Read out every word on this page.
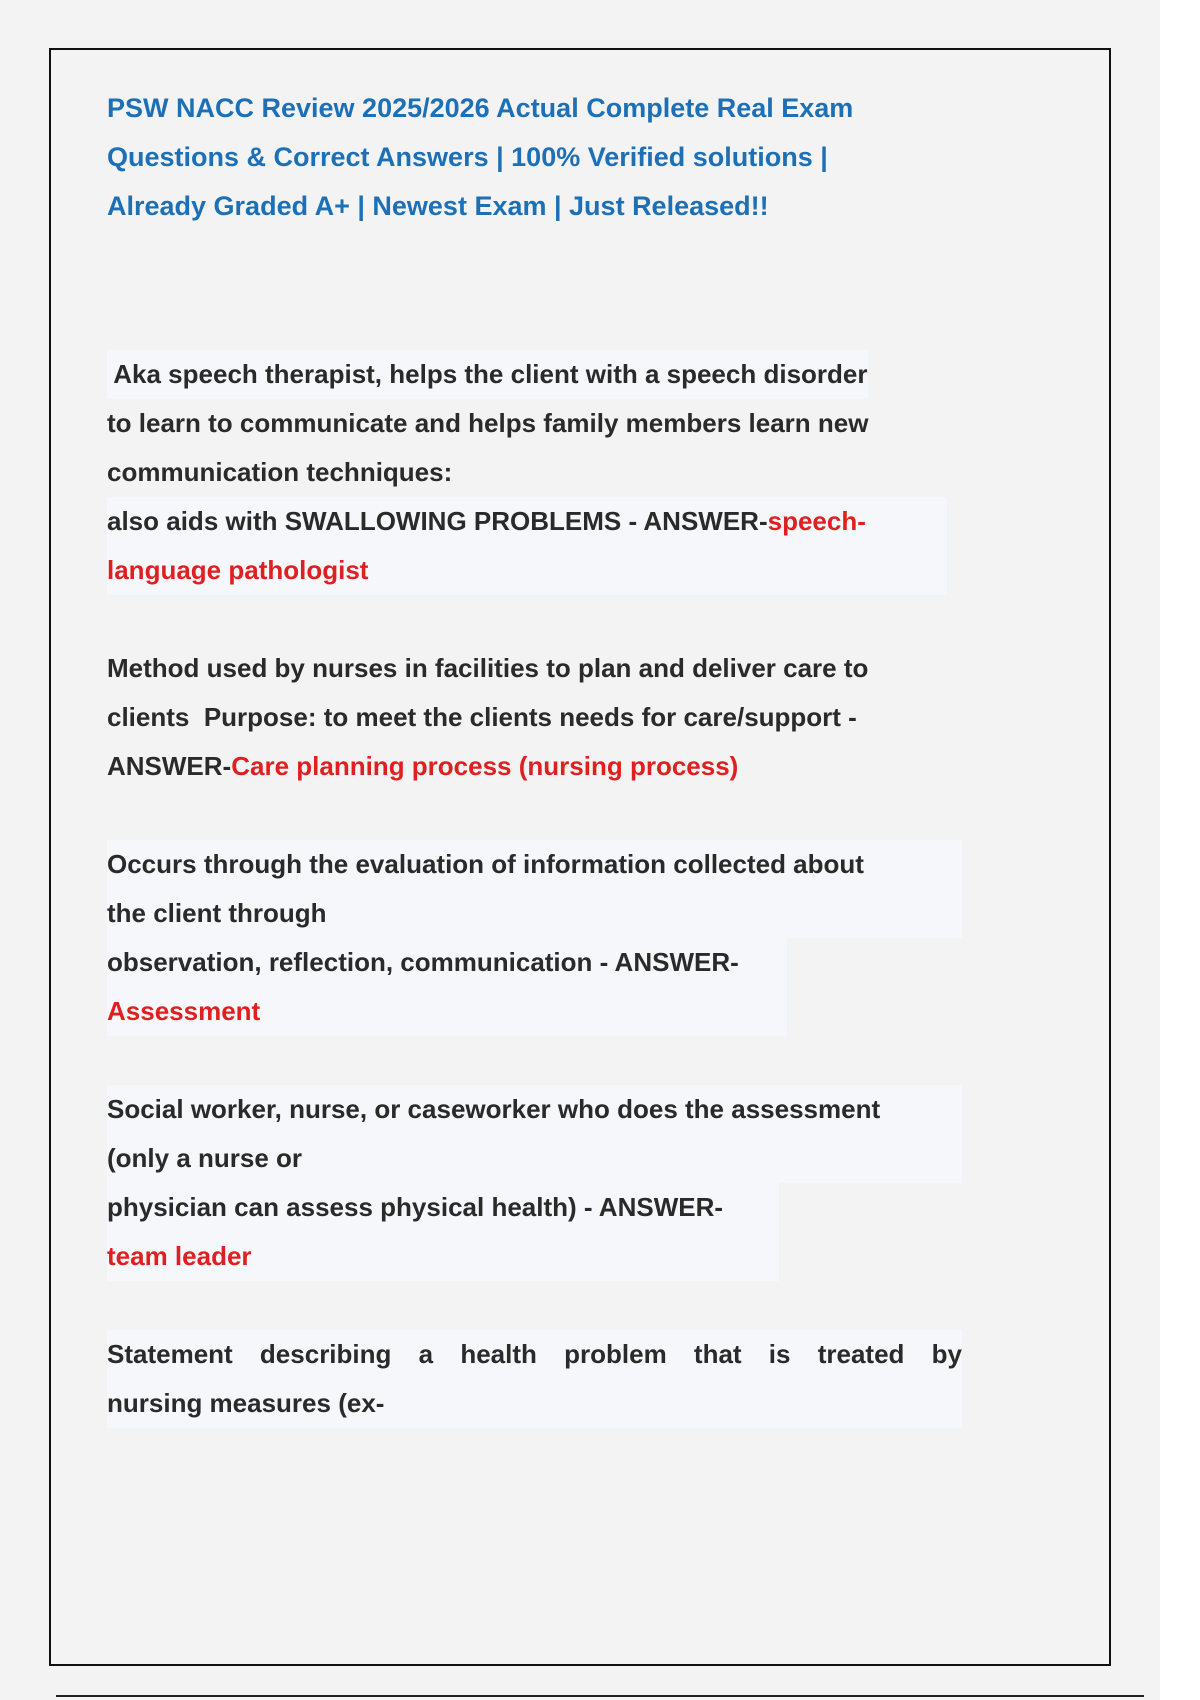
PSW NACC Review 2025/2026 Actual Complete Real Exam
Questions & Correct Answers | 100% Verified solutions |
Already Graded A+ | Newest Exam | Just Released!!
Aka speech therapist, helps the client with a speech disorder
to learn to communicate and helps family members learn new
communication techniques:
also aids with SWALLOWING PROBLEMS - ANSWER-speech-language pathologist
Method used by nurses in facilities to plan and deliver care to
clients  Purpose: to meet the clients needs for care/support -
ANSWER-Care planning process (nursing process)
Occurs through the evaluation of information collected about
the client through
observation, reflection, communication - ANSWER-
Assessment
Social worker, nurse, or caseworker who does the assessment
(only a nurse or
physician can assess physical health) - ANSWER-
team leader
Statement describing a health problem that is treated by
nursing measures (ex-
